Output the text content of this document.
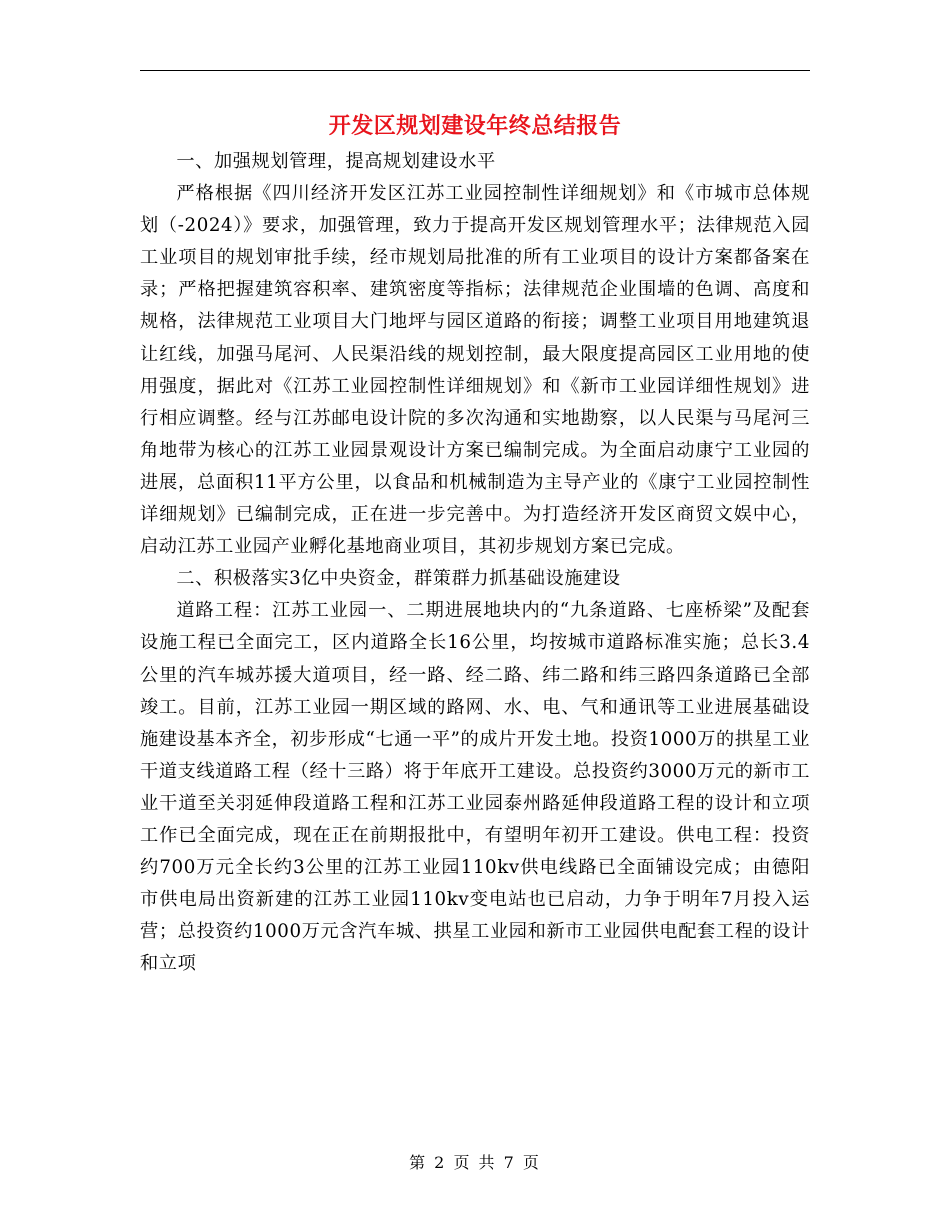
开发区规划建设年终总结报告

一、加强规划管理，提高规划建设水平

严格根据《四川经济开发区江苏工业园控制性详细规划》和《市城市总体规划（-2024）》要求，加强管理，致力于提高开发区规划管理水平；法律规范入园工业项目的规划审批手续，经市规划局批准的所有工业项目的设计方案都备案在录；严格把握建筑容积率、建筑密度等指标；法律规范企业围墙的色调、高度和规格，法律规范工业项目大门地坪与园区道路的衔接；调整工业项目用地建筑退让红线，加强马尾河、人民渠沿线的规划控制，最大限度提高园区工业用地的使用强度，据此对《江苏工业园控制性详细规划》和《新市工业园详细性规划》进行相应调整。经与江苏邮电设计院的多次沟通和实地勘察，以人民渠与马尾河三角地带为核心的江苏工业园景观设计方案已编制完成。为全面启动康宁工业园的进展，总面积11平方公里，以食品和机械制造为主导产业的《康宁工业园控制性详细规划》已编制完成，正在进一步完善中。为打造经济开发区商贸文娱中心，启动江苏工业园产业孵化基地商业项目，其初步规划方案已完成。

二、积极落实3亿中央资金，群策群力抓基础设施建设

道路工程：江苏工业园一、二期进展地块内的“九条道路、七座桥梁”及配套设施工程已全面完工，区内道路全长16公里，均按城市道路标准实施；总长3.4公里的汽车城苏援大道项目，经一路、经二路、纬二路和纬三路四条道路已全部竣工。目前，江苏工业园一期区域的路网、水、电、气和通讯等工业进展基础设施建设基本齐全，初步形成“七通一平”的成片开发土地。投资1000万的拱星工业干道支线道路工程（经十三路）将于年底开工建设。总投资约3000万元的新市工业干道至关羽延伸段道路工程和江苏工业园泰州路延伸段道路工程的设计和立项工作已全面完成，现在正在前期报批中，有望明年初开工建设。供电工程：投资约700万元全长约3公里的江苏工业园110kv供电线路已全面铺设完成；由德阳市供电局出资新建的江苏工业园110kv变电站也已启动，力争于明年7月投入运营；总投资约1000万元含汽车城、拱星工业园和新市工业园供电配套工程的设计和立项

第 2 页 共 7 页
